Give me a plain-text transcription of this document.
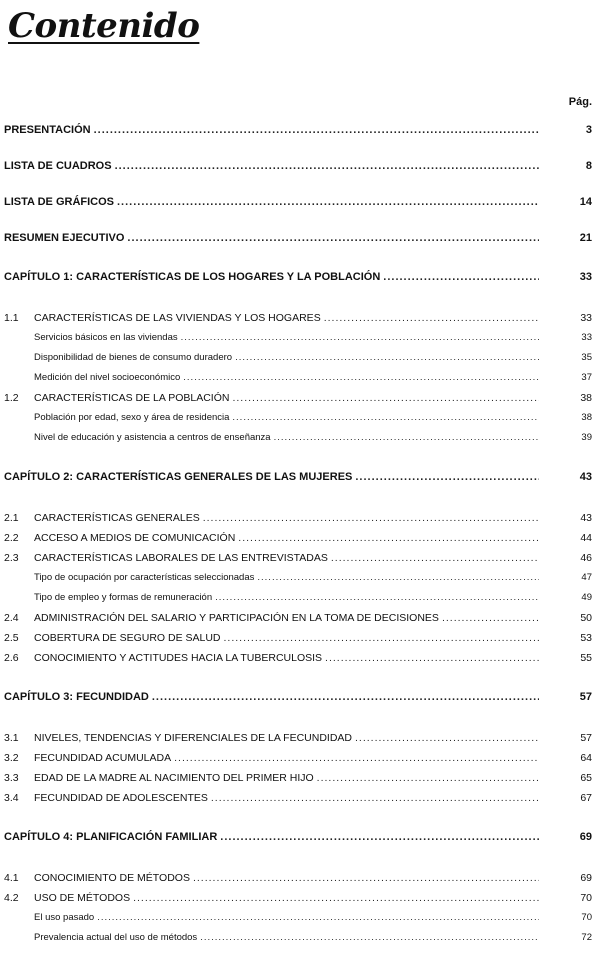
Contenido
Pág.
PRESENTACIÓN .....	3
LISTA DE CUADROS .....	8
LISTA DE GRÁFICOS .....	14
RESUMEN EJECUTIVO .....	21
CAPÍTULO 1: CARACTERÍSTICAS DE LOS HOGARES Y LA POBLACIÓN .....	33
1.1	CARACTERÍSTICAS DE LAS VIVIENDAS Y LOS HOGARES .....	33
Servicios básicos en las viviendas .....	33
Disponibilidad de bienes de consumo duradero .....	35
Medición del nivel socioeconómico .....	37
1.2	CARACTERÍSTICAS DE LA POBLACIÓN .....	38
Población por edad, sexo y área de residencia .....	38
Nivel de educación y asistencia a centros de enseñanza .....	39
CAPÍTULO 2: CARACTERÍSTICAS GENERALES DE LAS MUJERES .....	43
2.1	CARACTERÍSTICAS GENERALES .....	43
2.2	ACCESO A MEDIOS DE COMUNICACIÓN .....	44
2.3	CARACTERÍSTICAS LABORALES DE LAS ENTREVISTADAS .....	46
Tipo de ocupación por características seleccionadas .....	47
Tipo de empleo y formas de remuneración .....	49
2.4	ADMINISTRACIÓN DEL SALARIO Y PARTICIPACIÓN EN LA TOMA DE DECISIONES .....	50
2.5	COBERTURA DE SEGURO DE SALUD .....	53
2.6	CONOCIMIENTO Y ACTITUDES HACIA LA TUBERCULOSIS .....	55
CAPÍTULO 3: FECUNDIDAD .....	57
3.1	NIVELES, TENDENCIAS Y DIFERENCIALES DE LA FECUNDIDAD .....	57
3.2	FECUNDIDAD ACUMULADA .....	64
3.3	EDAD DE LA MADRE AL NACIMIENTO DEL PRIMER HIJO .....	65
3.4	FECUNDIDAD DE ADOLESCENTES .....	67
CAPÍTULO 4: PLANIFICACIÓN FAMILIAR .....	69
4.1	CONOCIMIENTO DE MÉTODOS .....	69
4.2	USO DE MÉTODOS .....	70
El uso pasado .....	70
Prevalencia actual del uso de métodos .....	72
